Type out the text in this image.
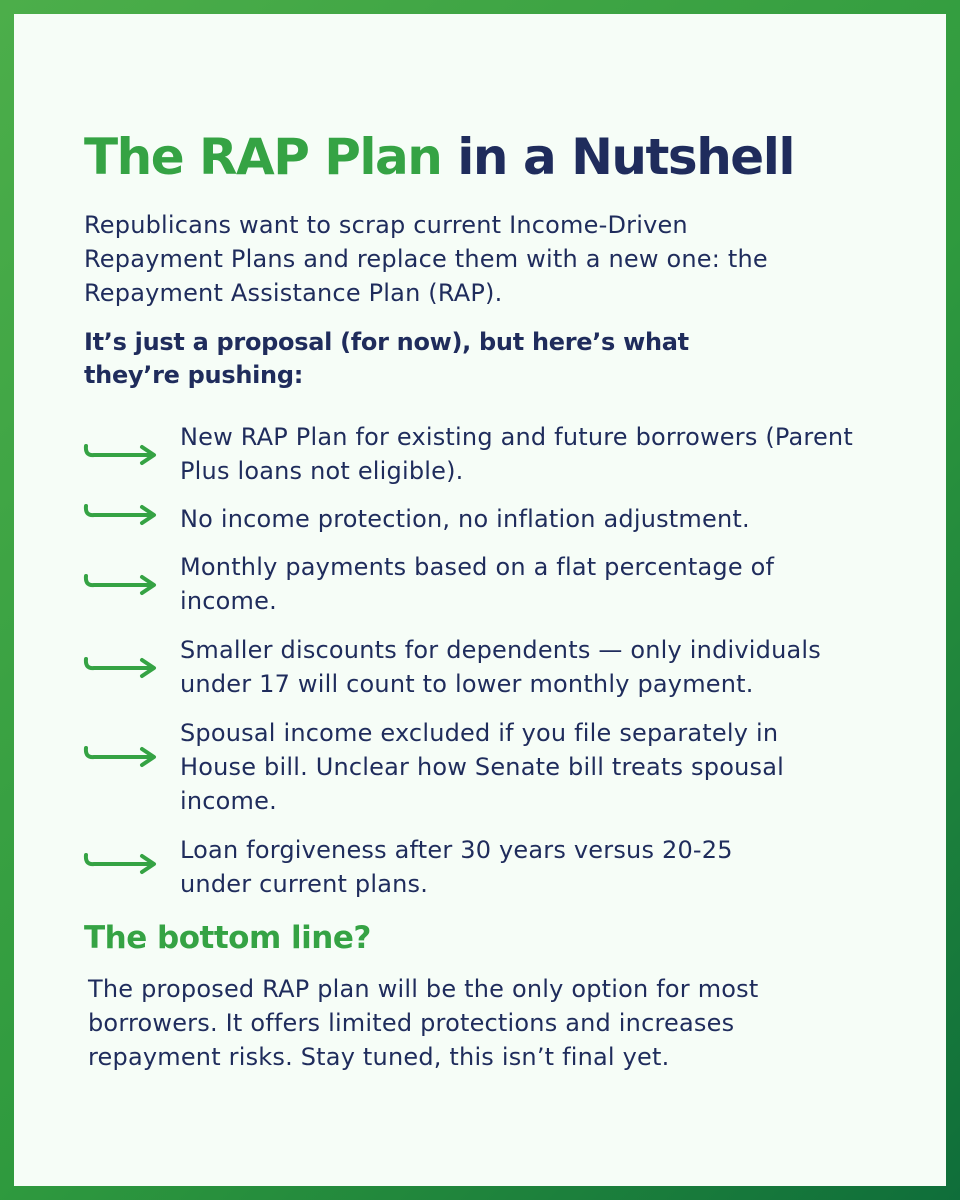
The RAP Plan in a Nutshell

Republicans want to scrap current Income-Driven Repayment Plans and replace them with a new one: the Repayment Assistance Plan (RAP).

It’s just a proposal (for now), but here’s what they’re pushing:

New RAP Plan for existing and future borrowers (Parent Plus loans not eligible).

No income protection, no inflation adjustment.

Monthly payments based on a flat percentage of income.

Smaller discounts for dependents — only individuals under 17 will count to lower monthly payment.

Spousal income excluded if you file separately in House bill. Unclear how Senate bill treats spousal income.

Loan forgiveness after 30 years versus 20-25 under current plans.

The bottom line?

The proposed RAP plan will be the only option for most borrowers. It offers limited protections and increases repayment risks. Stay tuned, this isn’t final yet.
